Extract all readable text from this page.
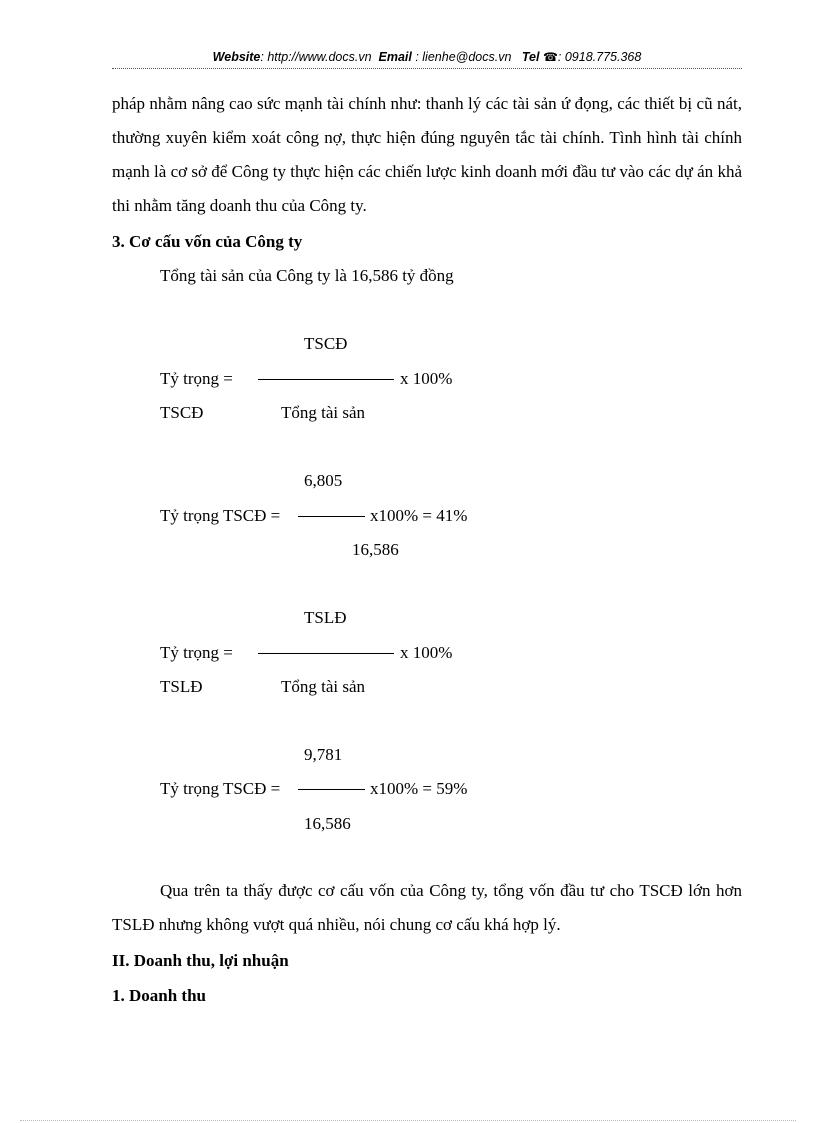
Website: http://www.docs.vn Email : lienhe@docs.vn Tel ☎: 0918.775.368
pháp nhằm nâng cao sức mạnh tài chính như: thanh lý các tài sản ứ đọng, các thiết bị cũ nát, thường xuyên kiểm xoát công nợ, thực hiện đúng nguyên tắc tài chính. Tình hình tài chính mạnh là cơ sở để Công ty thực hiện các chiến lược kinh doanh mới đầu tư vào các dự án khả thi nhằm tăng doanh thu của Công ty.
3. Cơ cấu vốn của Công ty
Tổng tài sản của Công ty là 16,586 tỷ đồng
TSCĐ
Tỷ trọng =	x 100%
TSCĐ	Tổng tài sản
6,805
Tỷ trọng TSCĐ =	x100% = 41%
16,586
TSLĐ
Tỷ trọng =	x 100%
TSLĐ	Tổng tài sản
9,781
Tỷ trọng TSCĐ =	x100% = 59%
16,586
Qua trên ta thấy được cơ cấu vốn của Công ty, tổng vốn đầu tư cho TSCĐ lớn hơn TSLĐ nhưng không vượt quá nhiều, nói chung cơ cấu khá hợp lý.
II. Doanh thu, lợi nhuận
1. Doanh thu
